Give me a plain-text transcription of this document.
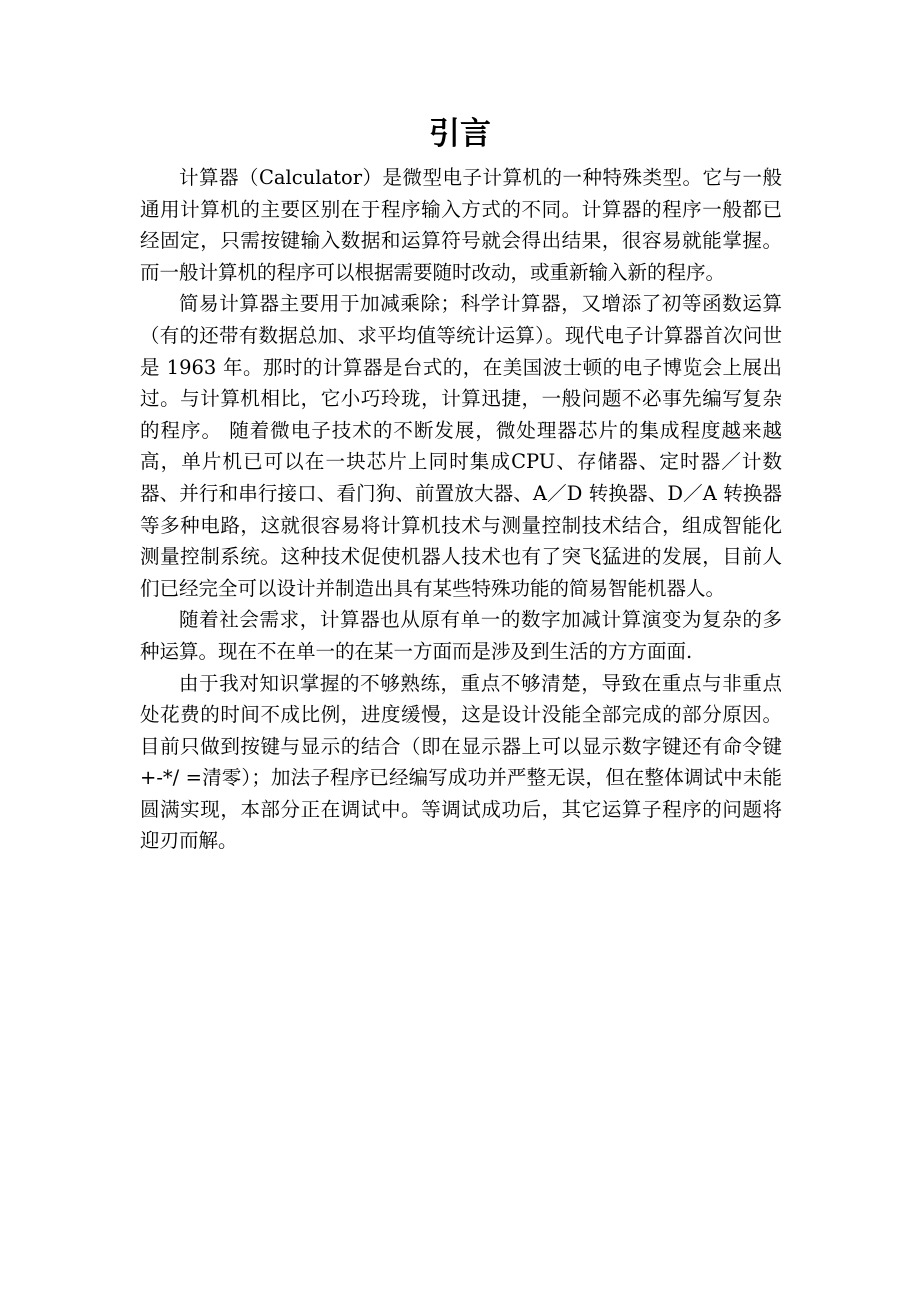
引言

计算器（Calculator）是微型电子计算机的一种特殊类型。它与一般通用计算机的主要区别在于程序输入方式的不同。计算器的程序一般都已经固定，只需按键输入数据和运算符号就会得出结果，很容易就能掌握。而一般计算机的程序可以根据需要随时改动，或重新输入新的程序。

简易计算器主要用于加减乘除；科学计算器，又增添了初等函数运算（有的还带有数据总加、求平均值等统计运算）。现代电子计算器首次问世是 1963 年。那时的计算器是台式的，在美国波士顿的电子博览会上展出过。与计算机相比，它小巧玲珑，计算迅捷，一般问题不必事先编写复杂的程序。 随着微电子技术的不断发展，微处理器芯片的集成程度越来越高，单片机已可以在一块芯片上同时集成CPU、存储器、定时器／计数器、并行和串行接口、看门狗、前置放大器、A／D 转换器、D／A 转换器等多种电路，这就很容易将计算机技术与测量控制技术结合，组成智能化测量控制系统。这种技术促使机器人技术也有了突飞猛进的发展，目前人们已经完全可以设计并制造出具有某些特殊功能的简易智能机器人。

随着社会需求，计算器也从原有单一的数字加减计算演变为复杂的多种运算。现在不在单一的在某一方面而是涉及到生活的方方面面.

由于我对知识掌握的不够熟练，重点不够清楚，导致在重点与非重点处花费的时间不成比例，进度缓慢，这是设计没能全部完成的部分原因。目前只做到按键与显示的结合（即在显示器上可以显示数字键还有命令键+-*/ =清零）；加法子程序已经编写成功并严整无误，但在整体调试中未能圆满实现，本部分正在调试中。等调试成功后，其它运算子程序的问题将迎刃而解。
